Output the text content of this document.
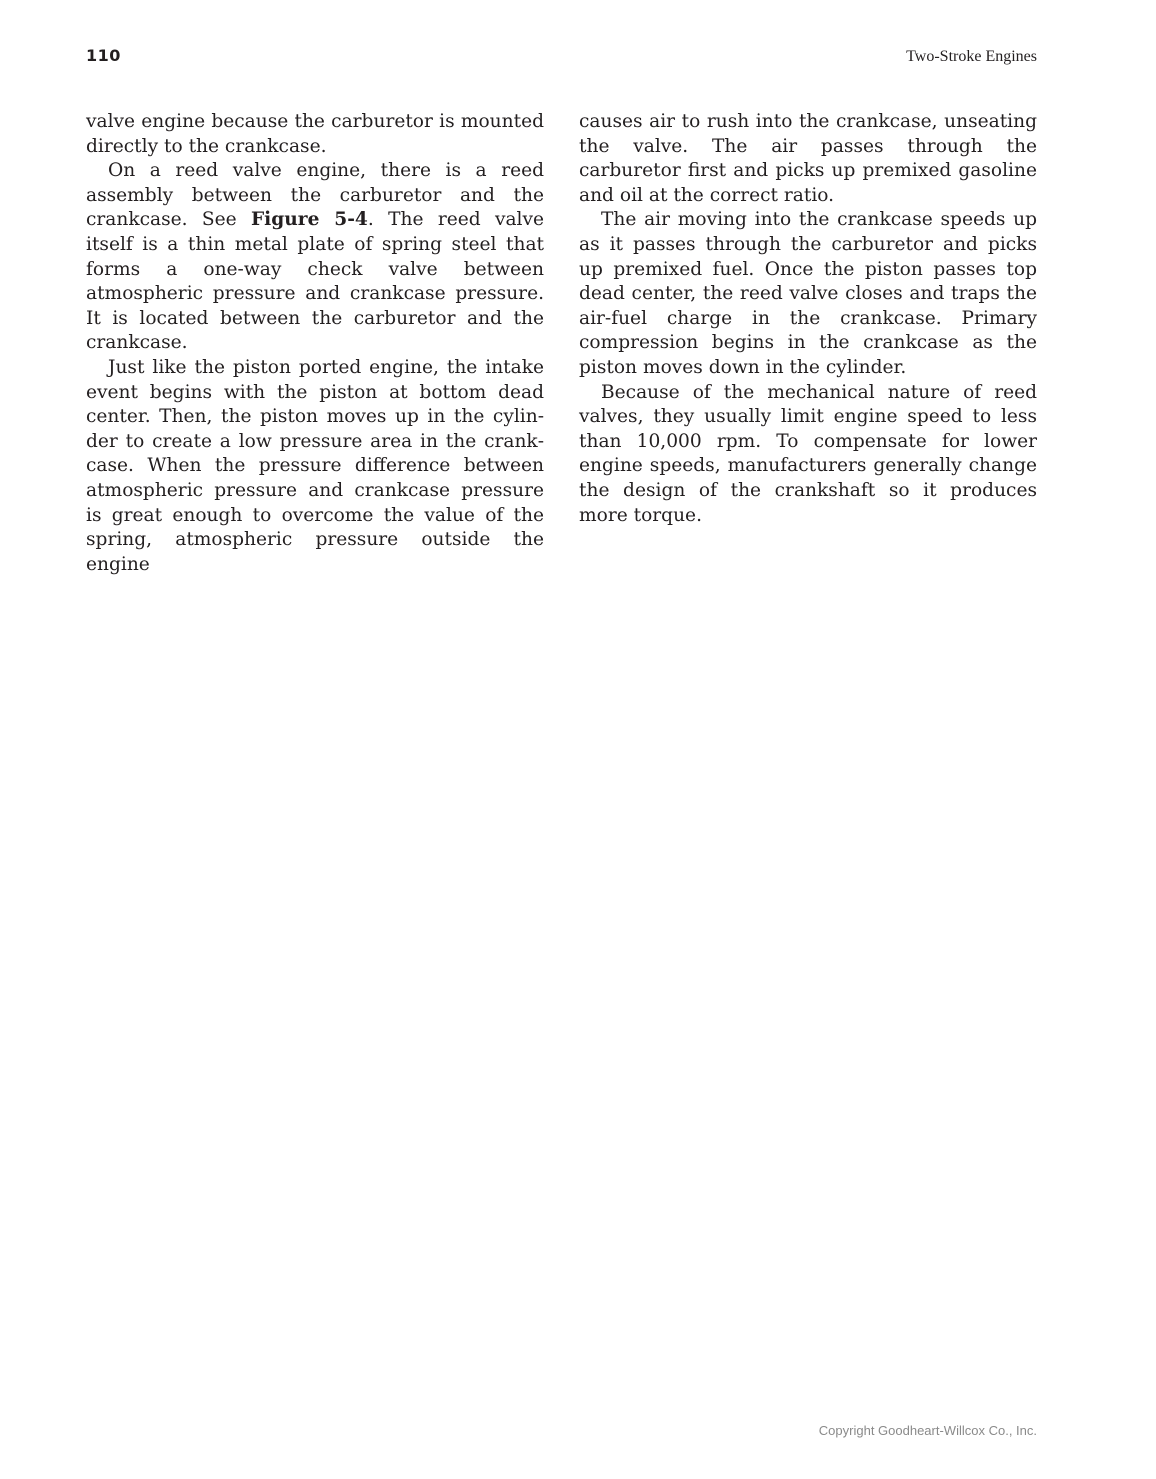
110	Two-Stroke Engines

valve engine because the carburetor is mounted directly to the crankcase.

On a reed valve engine, there is a reed assembly between the carburetor and the crankcase. See Figure 5-4. The reed valve itself is a thin metal plate of spring steel that forms a one-way check valve between atmospheric pressure and crankcase pressure. It is located between the carburetor and the crankcase.

Just like the piston ported engine, the intake event begins with the piston at bottom dead center. Then, the piston moves up in the cylinder to create a low pressure area in the crankcase. When the pressure difference between atmospheric pressure and crankcase pressure is great enough to overcome the value of the spring, atmospheric pressure outside the engine

causes air to rush into the crankcase, unseating the valve. The air passes through the carburetor first and picks up premixed gasoline and oil at the correct ratio.

The air moving into the crankcase speeds up as it passes through the carburetor and picks up premixed fuel. Once the piston passes top dead center, the reed valve closes and traps the air-fuel charge in the crankcase. Primary compression begins in the crankcase as the piston moves down in the cylinder.

Because of the mechanical nature of reed valves, they usually limit engine speed to less than 10,000 rpm. To compensate for lower engine speeds, manufacturers generally change the design of the crankshaft so it produces more torque.

Copyright Goodheart-Willcox Co., Inc.
